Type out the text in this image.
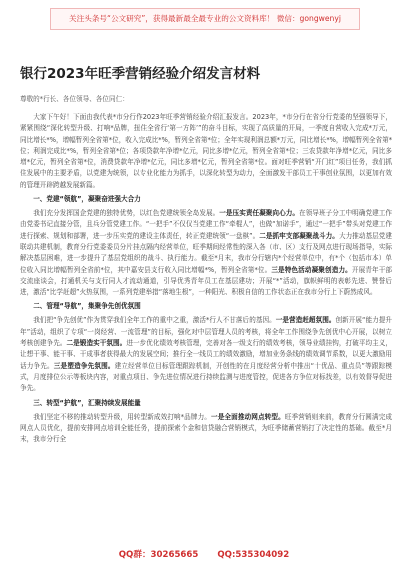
关注头条号“公文研究”，获得最新最全最专业的公文资料库！ 微信：gongwenyj
银行2023年旺季营销经验介绍发言材料
尊敬的*行长、各位领导、各位同仁：

大家下午好！下面由我代表*市分行作2023年旺季营销经验介绍汇报发言。2023年，*市分行在省分行党委的坚强领导下，紧紧围绕“深化转型升级、打响*品牌，扭住全省行‘第一方阵’”的奋斗目标，实现了高质量的开局，一季度自营收入完成*万元，同比增长*%，增幅暂列全省第*位，收入完成比*%，暂列全省第*位；全年实现利润总额*万元，同比增长*%，增幅暂列全省第*位；利润完成比*%，暂列全省第*位；各项贷款年净增*亿元，同比多增*亿元，暂列全省第*位；三农贷款年净增*亿元，同比多增*亿元，暂列全省第*位，消费贷款年净增*亿元，同比多增*亿元，暂列全省第*位。面对旺季营销“开门红”项目任务，我们抓住发展中的主要矛盾，以党建为统领，以专业化能力为抓手，以深化转型为动力，全面激发干部员工干事创业氛围，以更加有效的管理开辟跨越发展新篇。

一、党建“领航”，凝聚奋进强大合力

我们充分发挥国企党建的独特优势，以红色党建统领全岛发展。一是压实责任凝聚向心力。在领导班子分工中明确党建工作由党委书记直接分管，且兵分管党建工作。“一把手”不仅仅当党建工作“牵棍人”，也做“加诺手”，通过“一把手”带头对党建工作进行探索、规划和部署，进一步压实党的建设主体责任，转正党建统领“一盘棋”。二是抓牢支部凝聚战斗力。大力推动基层党建联动共建机制，教育分行党委委员分片挂点隔内经营单位，旺季期间经常性的深入各（市、区）支行及网点进行现场指导，实际解决基层困难，进一步提升了基层党组织的战斗、执行能力。截至*月末，我市分行辖内*个经营单位中，有*个（包括市本）单位收入同比增幅暂列全省前*位，其中嘉安县支行收入同比增幅*%，暂列全省第*位。三是特色活动凝聚创造力。开展青年干部交流座谈会，打通机关与支行同人才流动通道，引导优秀青年员工在基层建功；开展“*”活动，旗帜鲜明的表彰先进、赞誉后进，激活“比学赶超”火热氛围，一系列党建举措“落地生根”，一种阳光、积极自信的工作状态正在我市分行上下蔚然成风。

二、管理“导航”，集聚争先创优氛围

我们把“争先创优”作为贯穿我们全年工作的重中之重，激活*行人不甘落后的基因。一是营造赶超氛围。创新开展“能力提升年”活动，组织了专项“一岗经营、一流管理”的目标，强化对中层管理人员的考核，将全年工作围绕争先创优中心开展，以树立考核创建争先。二是锻造实干氛围。进一步优化绩效考核管理，完善对各一级支行的绩效考核，领导业绩挂钩，打破平均主义，让想干事、能干事、干成事者获得最大的发展空间；推行全一线员工的绩效激励，增加业务条线的绩效调节系数，以更大激励用话力争先。三是塑造争先氛围。建立经营单位目标管理跟踪机制，开创性的在月度经营分析中推出“十优品、重点员”等跟踪模式，月度排位公示等板块内容，对重点项目、争先进位情况进行持续监测与进度管控，促进各方争位对标找差，以有效督导促进争先。

三、转型“护航”，汇聚持续发展能量

我们坚定不移的推动转型升级，用转型新成效打响*品牌力。一是全面推动网点转型。旺季营销则来前，教育分行圆满完成网点人员优化，提前安排网点培训全能任务，提前探索个金和信贷融合营销模式，为旺季储蓄营销打了决定性的基础。截至*月末，我市分行全

QQ群：30265665 QQ:535304092
